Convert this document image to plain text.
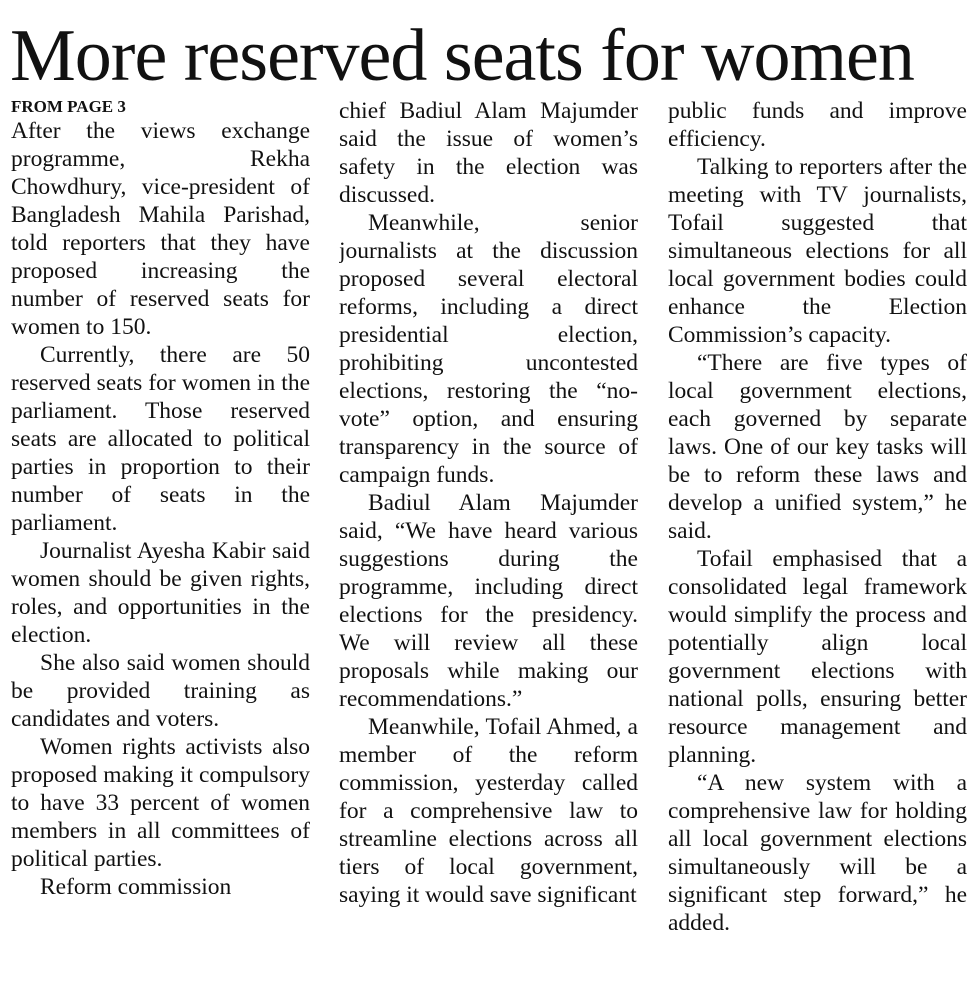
More reserved seats for women

FROM PAGE 3

After the views exchange programme, Rekha Chowdhury, vice-president of Bangladesh Mahila Parishad, told reporters that they have proposed increasing the number of reserved seats for women to 150.

Currently, there are 50 reserved seats for women in the parliament. Those reserved seats are allocated to political parties in proportion to their number of seats in the parliament.

Journalist Ayesha Kabir said women should be given rights, roles, and opportunities in the election.

She also said women should be provided training as candidates and voters.

Women rights activists also proposed making it compulsory to have 33 percent of women members in all committees of political parties.

Reform commission

chief Badiul Alam Majumder said the issue of women’s safety in the election was discussed.

Meanwhile, senior journalists at the discussion proposed several electoral reforms, including a direct presidential election, prohibiting uncontested elections, restoring the “no-vote” option, and ensuring transparency in the source of campaign funds.

Badiul Alam Majumder said, “We have heard various suggestions during the programme, including direct elections for the presidency. We will review all these proposals while making our recommendations.”

Meanwhile, Tofail Ahmed, a member of the reform commission, yesterday called for a comprehensive law to streamline elections across all tiers of local government, saying it would save significant

public funds and improve efficiency.

Talking to reporters after the meeting with TV journalists, Tofail suggested that simultaneous elections for all local government bodies could enhance the Election Commission’s capacity.

“There are five types of local government elections, each governed by separate laws. One of our key tasks will be to reform these laws and develop a unified system,” he said.

Tofail emphasised that a consolidated legal framework would simplify the process and potentially align local government elections with national polls, ensuring better resource management and planning.

“A new system with a comprehensive law for holding all local government elections simultaneously will be a significant step forward,” he added.
